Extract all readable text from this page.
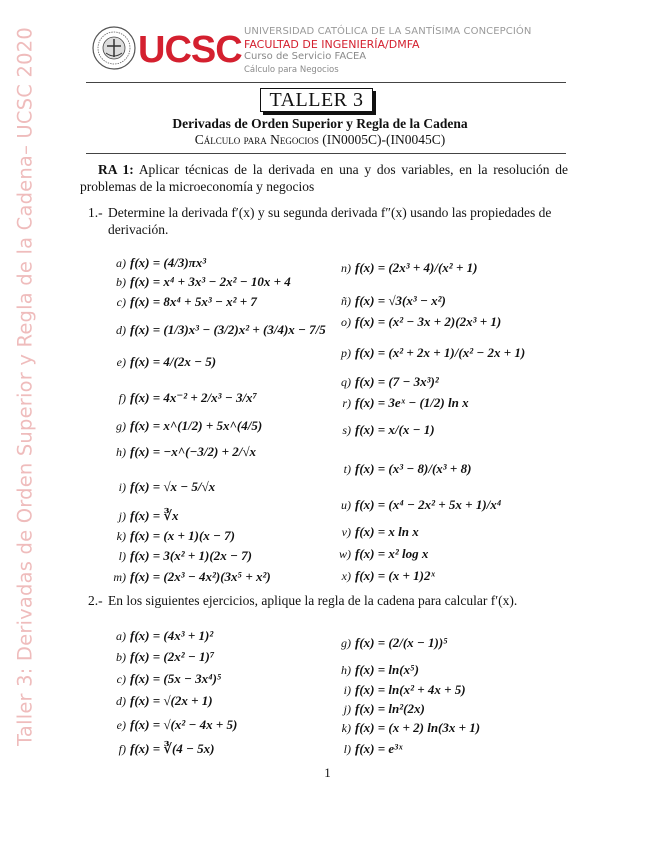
Taller 3: Derivadas de Orden Superior y Regla de la Cadena– UCSC 2020	UCSC UNIVERSIDAD CATÓLICA DE LA SANTÍSIMA CONCEPCIÓN
FACULTAD DE INGENIERÍA/DMFA
Curso de Servicio FACEA
Cálculo para Negocios
TALLER 3
Derivadas de Orden Superior y Regla de la Cadena
Cálculo para Negocios (IN0005C)-(IN0045C)
RA 1: Aplicar técnicas de la derivada en una y dos variables, en la resolución de problemas de la microeconomía y negocios
1.- Determine la derivada f′(x) y su segunda derivada f″(x) usando las propiedades de derivación.
a) f(x) = (4/3)πx³
b) f(x) = x⁴ + 3x³ − 2x² − 10x + 4
c) f(x) = 8x⁴ + 5x³ − x² + 7
d) f(x) = (1/3)x³ − (3/2)x² + (3/4)x − 7/5
e) f(x) = 4/(2x − 5)
f) f(x) = 4x⁻² + 2/x³ − 3/x⁷
g) f(x) = x^(1/2) + 5x^(4/5)
h) f(x) = −x^(−3/2) + 2/√x
i) f(x) = √x − 5/√x
j) f(x) = ∛x
k) f(x) = (x + 1)(x − 7)
l) f(x) = 3(x² + 1)(2x − 7)
m) f(x) = (2x³ − 4x²)(3x⁵ + x²)
n) f(x) = (2x³ + 4)/(x² + 1)
ñ) f(x) = √3(x³ − x²)
o) f(x) = (x² − 3x + 2)(2x³ + 1)
p) f(x) = (x² + 2x + 1)/(x² − 2x + 1)
q) f(x) = (7 − 3x³)²
r) f(x) = 3eˣ − (1/2) ln x
s) f(x) = x/(x − 1)
t) f(x) = (x³ − 8)/(x³ + 8)
u) f(x) = (x⁴ − 2x² + 5x + 1)/x⁴
v) f(x) = x ln x
w) f(x) = x² log x
x) f(x) = (x + 1)2ˣ
2.- En los siguientes ejercicios, aplique la regla de la cadena para calcular f′(x).
a) f(x) = (4x³ + 1)²
b) f(x) = (2x² − 1)⁷
c) f(x) = (5x − 3x⁴)⁵
d) f(x) = √(2x + 1)
e) f(x) = √(x² − 4x + 5)
f) f(x) = ∛(4 − 5x)
g) f(x) = (2/(x − 1))⁵
h) f(x) = ln(x⁵)
i) f(x) = ln(x² + 4x + 5)
j) f(x) = ln²(2x)
k) f(x) = (x + 2) ln(3x + 1)
l) f(x) = e³ˣ
1
